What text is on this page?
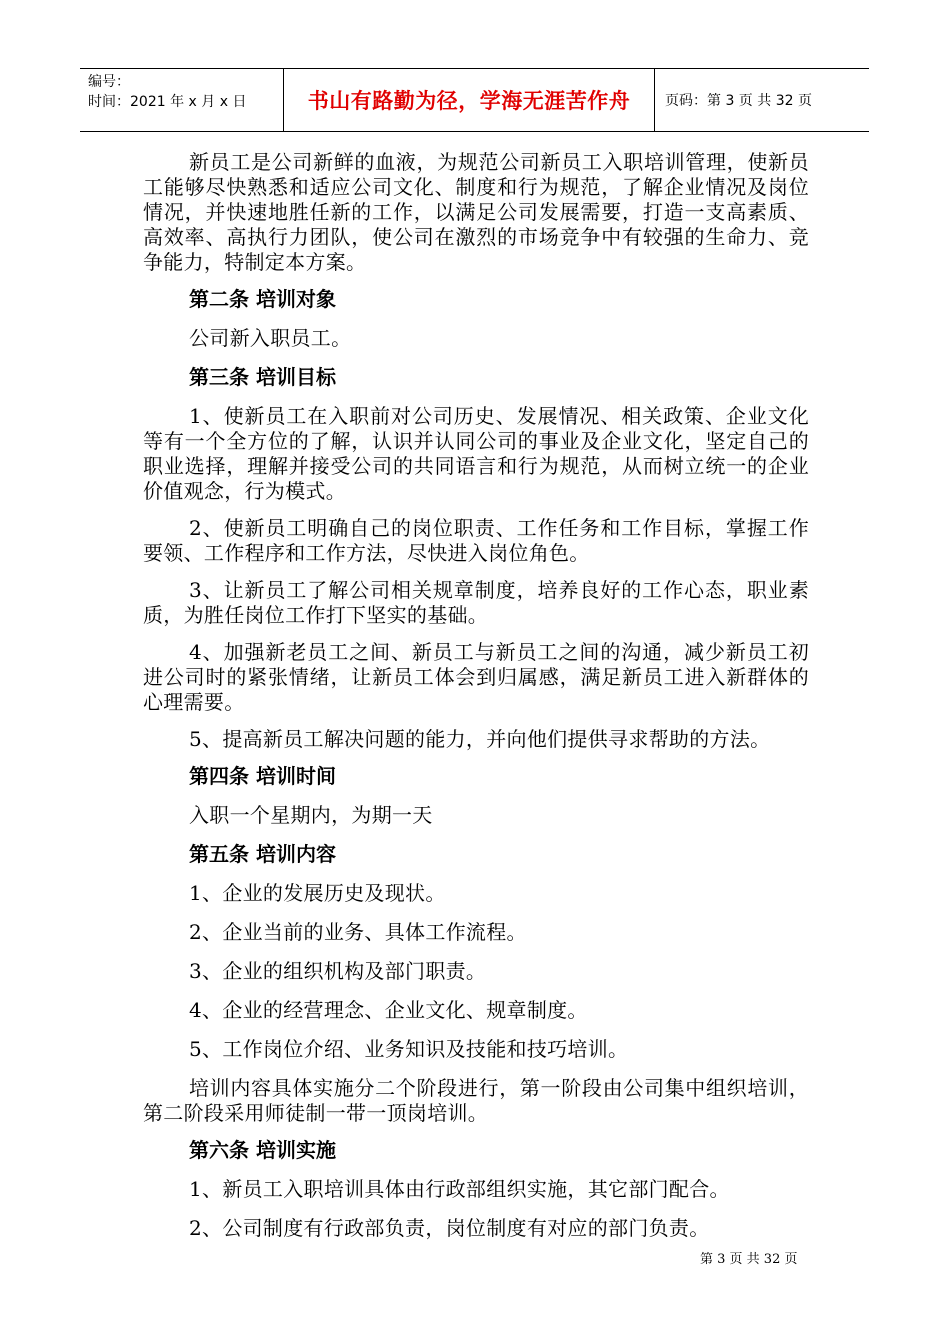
编号：
时间：2021 年 x 月 x 日	书山有路勤为径，学海无涯苦作舟 页码：第 3 页 共 32 页

新员工是公司新鲜的血液，为规范公司新员工入职培训管理，使新员工能够尽快熟悉和适应公司文化、制度和行为规范，了解企业情况及岗位情况，并快速地胜任新的工作，以满足公司发展需要，打造一支高素质、高效率、高执行力团队，使公司在激烈的市场竞争中有较强的生命力、竞争能力，特制定本方案。

第二条 培训对象

公司新入职员工。

第三条 培训目标

1、使新员工在入职前对公司历史、发展情况、相关政策、企业文化等有一个全方位的了解，认识并认同公司的事业及企业文化，坚定自己的职业选择，理解并接受公司的共同语言和行为规范，从而树立统一的企业价值观念，行为模式。

2、使新员工明确自己的岗位职责、工作任务和工作目标，掌握工作要领、工作程序和工作方法，尽快进入岗位角色。

3、让新员工了解公司相关规章制度，培养良好的工作心态，职业素质，为胜任岗位工作打下坚实的基础。

4、加强新老员工之间、新员工与新员工之间的沟通，减少新员工初进公司时的紧张情绪，让新员工体会到归属感，满足新员工进入新群体的心理需要。

5、提高新员工解决问题的能力，并向他们提供寻求帮助的方法。

第四条 培训时间

入职一个星期内，为期一天

第五条 培训内容

1、企业的发展历史及现状。

2、企业当前的业务、具体工作流程。

3、企业的组织机构及部门职责。

4、企业的经营理念、企业文化、规章制度。

5、工作岗位介绍、业务知识及技能和技巧培训。

培训内容具体实施分二个阶段进行，第一阶段由公司集中组织培训，第二阶段采用师徒制一带一顶岗培训。

第六条 培训实施

1、新员工入职培训具体由行政部组织实施，其它部门配合。

2、公司制度有行政部负责，岗位制度有对应的部门负责。

第 3 页 共 32 页
